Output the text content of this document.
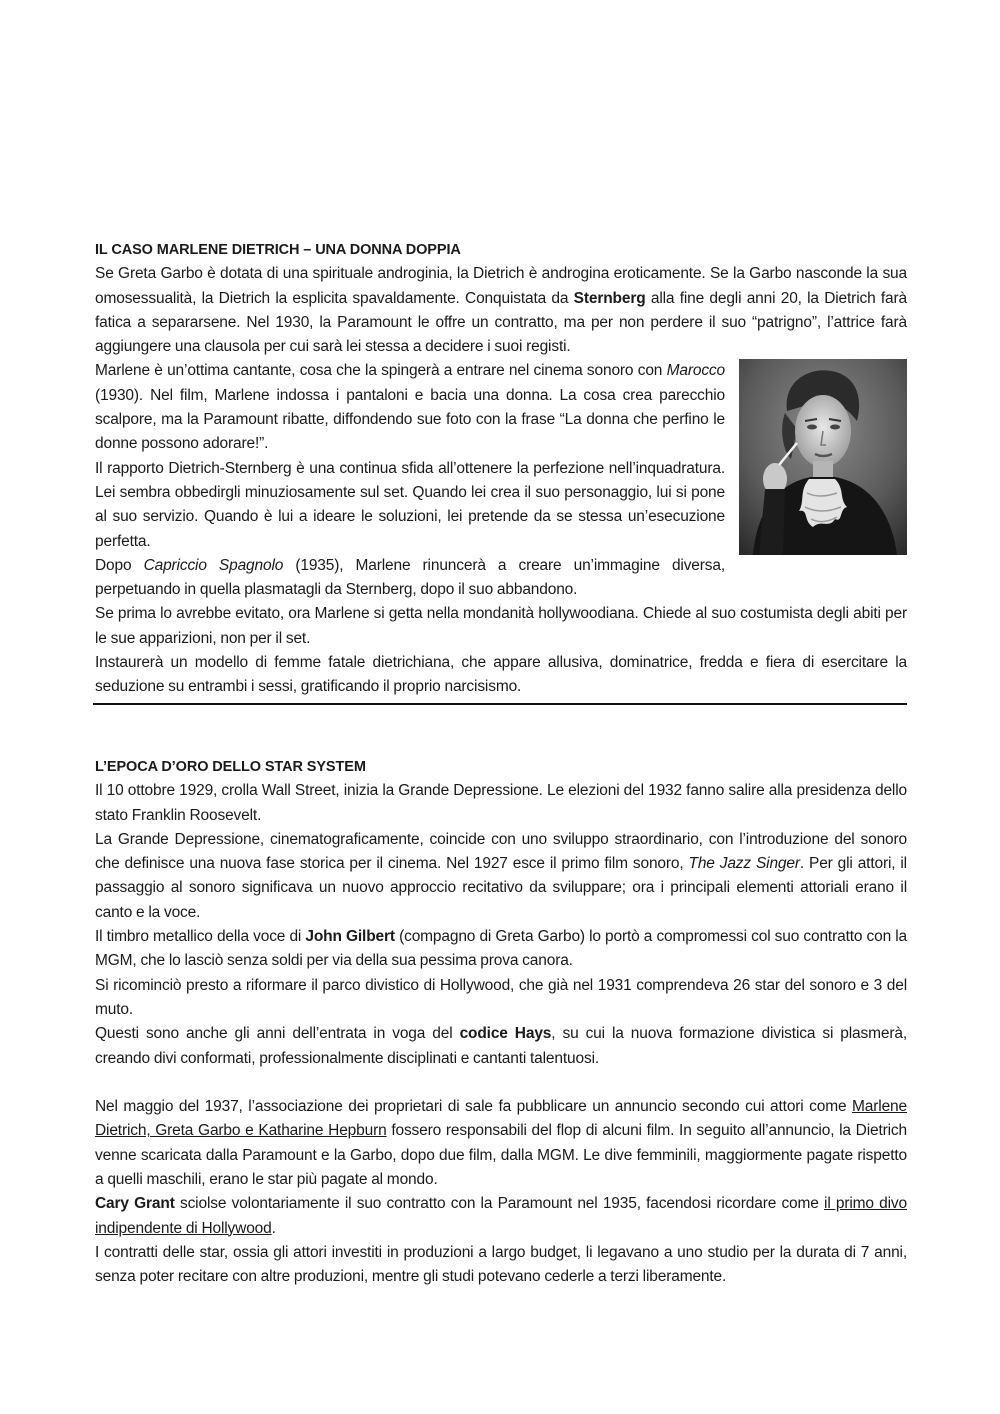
IL CASO MARLENE DIETRICH – UNA DONNA DOPPIA

Se Greta Garbo è dotata di una spirituale androginia, la Dietrich è androgina eroticamente. Se la Garbo nasconde la sua omosessualità, la Dietrich la esplicita spavaldamente. Conquistata da Sternberg alla fine degli anni 20, la Dietrich farà fatica a separarsene. Nel 1930, la Paramount le offre un contratto, ma per non perdere il suo “patrigno”, l’attrice farà aggiungere una clausola per cui sarà lei stessa a decidere i suoi registi.

Marlene è un’ottima cantante, cosa che la spingerà a entrare nel cinema sonoro con Marocco (1930). Nel film, Marlene indossa i pantaloni e bacia una donna. La cosa crea parecchio scalpore, ma la Paramount ribatte, diffondendo sue foto con la frase “La donna che perfino le donne possono adorare!”.

Il rapporto Dietrich-Sternberg è una continua sfida all’ottenere la perfezione nell’inquadratura. Lei sembra obbedirgli minuziosamente sul set. Quando lei crea il suo personaggio, lui si pone al suo servizio. Quando è lui a ideare le soluzioni, lei pretende da se stessa un’esecuzione perfetta.

Dopo Capriccio Spagnolo (1935), Marlene rinuncerà a creare un’immagine diversa, perpetuando in quella plasmatagli da Sternberg, dopo il suo abbandono.

Se prima lo avrebbe evitato, ora Marlene si getta nella mondanità hollywoodiana. Chiede al suo costumista degli abiti per le sue apparizioni, non per il set.

Instaurerà un modello di femme fatale dietrichiana, che appare allusiva, dominatrice, fredda e fiera di esercitare la seduzione su entrambi i sessi, gratificando il proprio narcisismo.

L’EPOCA D’ORO DELLO STAR SYSTEM

Il 10 ottobre 1929, crolla Wall Street, inizia la Grande Depressione. Le elezioni del 1932 fanno salire alla presidenza dello stato Franklin Roosevelt.

La Grande Depressione, cinematograficamente, coincide con uno sviluppo straordinario, con l’introduzione del sonoro che definisce una nuova fase storica per il cinema. Nel 1927 esce il primo film sonoro, The Jazz Singer. Per gli attori, il passaggio al sonoro significava un nuovo approccio recitativo da sviluppare; ora i principali elementi attoriali erano il canto e la voce.

Il timbro metallico della voce di John Gilbert (compagno di Greta Garbo) lo portò a compromessi col suo contratto con la MGM, che lo lasciò senza soldi per via della sua pessima prova canora.

Si ricominciò presto a riformare il parco divistico di Hollywood, che già nel 1931 comprendeva 26 star del sonoro e 3 del muto.

Questi sono anche gli anni dell’entrata in voga del codice Hays, su cui la nuova formazione divistica si plasmerà, creando divi conformati, professionalmente disciplinati e cantanti talentuosi.

Nel maggio del 1937, l’associazione dei proprietari di sale fa pubblicare un annuncio secondo cui attori come Marlene Dietrich, Greta Garbo e Katharine Hepburn fossero responsabili del flop di alcuni film. In seguito all’annuncio, la Dietrich venne scaricata dalla Paramount e la Garbo, dopo due film, dalla MGM. Le dive femminili, maggiormente pagate rispetto a quelli maschili, erano le star più pagate al mondo.

Cary Grant sciolse volontariamente il suo contratto con la Paramount nel 1935, facendosi ricordare come il primo divo indipendente di Hollywood.

I contratti delle star, ossia gli attori investiti in produzioni a largo budget, li legavano a uno studio per la durata di 7 anni, senza poter recitare con altre produzioni, mentre gli studi potevano cederle a terzi liberamente.
